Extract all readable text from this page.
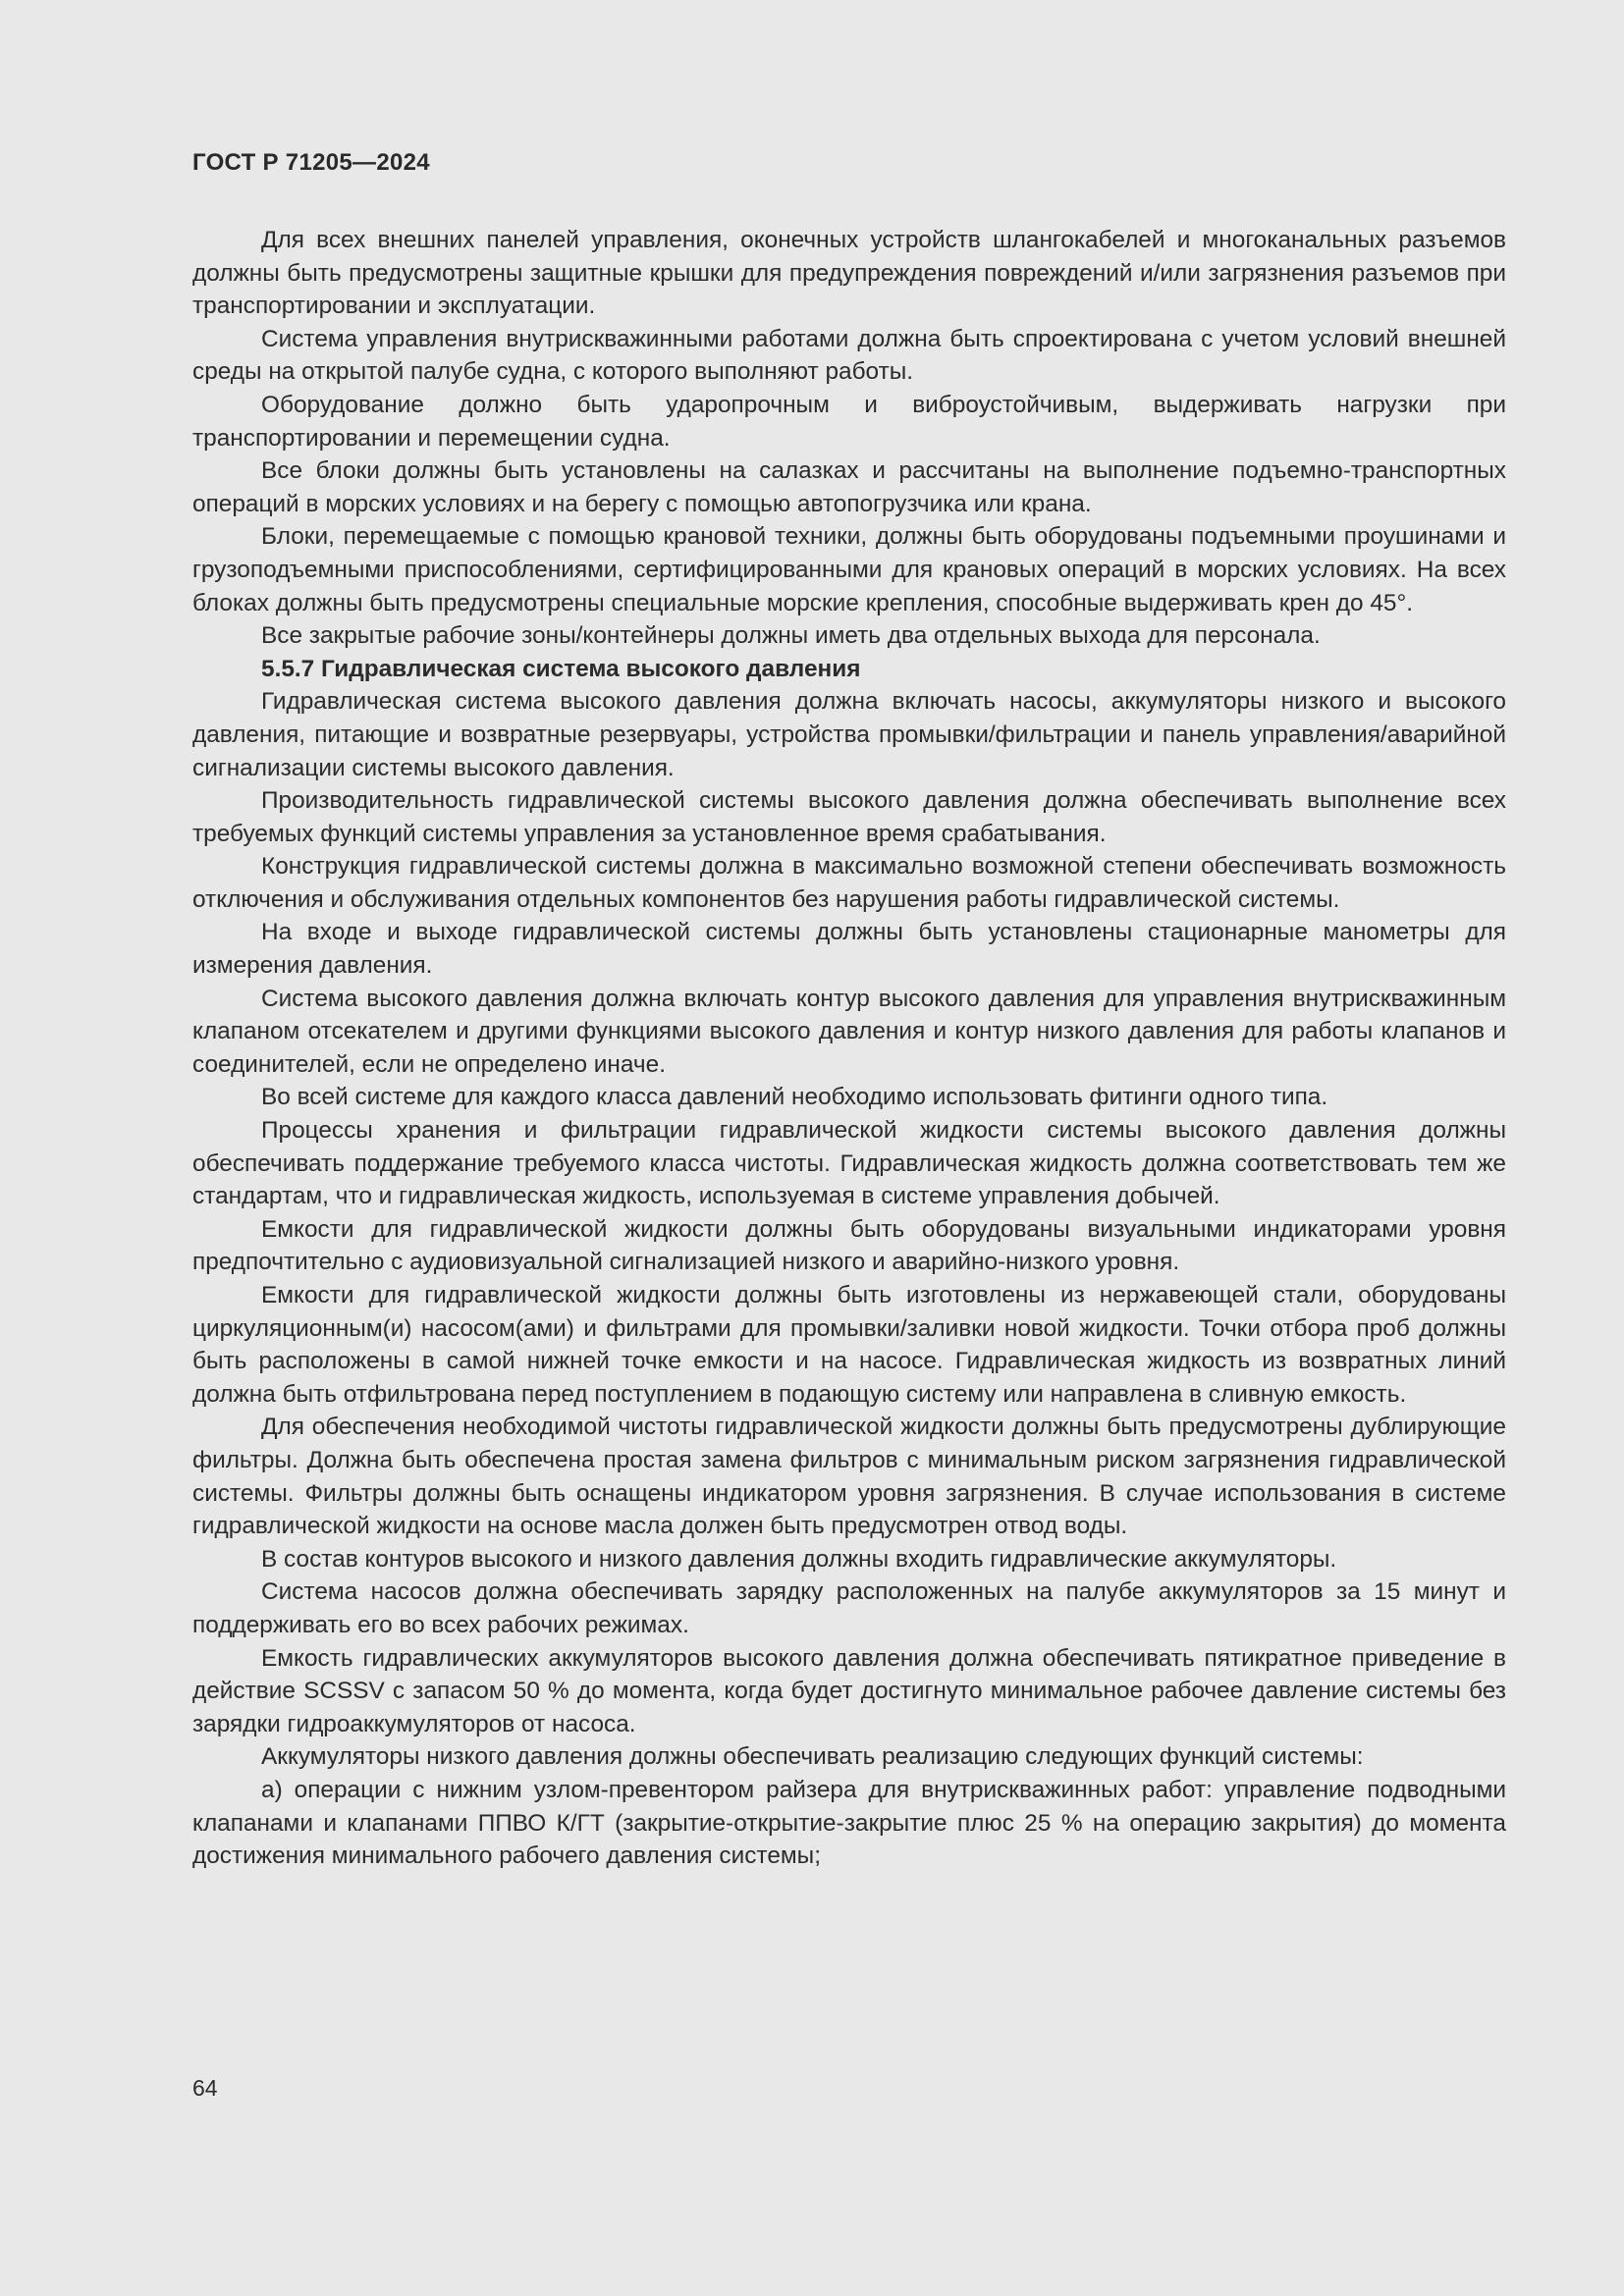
ГОСТ Р 71205—2024

Для всех внешних панелей управления, оконечных устройств шлангокабелей и многоканальных разъемов должны быть предусмотрены защитные крышки для предупреждения повреждений и/или загрязнения разъемов при транспортировании и эксплуатации.

Система управления внутрискважинными работами должна быть спроектирована с учетом условий внешней среды на открытой палубе судна, с которого выполняют работы.

Оборудование должно быть ударопрочным и виброустойчивым, выдерживать нагрузки при транспортировании и перемещении судна.

Все блоки должны быть установлены на салазках и рассчитаны на выполнение подъемно-транспортных операций в морских условиях и на берегу с помощью автопогрузчика или крана.

Блоки, перемещаемые с помощью крановой техники, должны быть оборудованы подъемными проушинами и грузоподъемными приспособлениями, сертифицированными для крановых операций в морских условиях. На всех блоках должны быть предусмотрены специальные морские крепления, способные выдерживать крен до 45°.

Все закрытые рабочие зоны/контейнеры должны иметь два отдельных выхода для персонала.

5.5.7 Гидравлическая система высокого давления

Гидравлическая система высокого давления должна включать насосы, аккумуляторы низкого и высокого давления, питающие и возвратные резервуары, устройства промывки/фильтрации и панель управления/аварийной сигнализации системы высокого давления.

Производительность гидравлической системы высокого давления должна обеспечивать выполнение всех требуемых функций системы управления за установленное время срабатывания.

Конструкция гидравлической системы должна в максимально возможной степени обеспечивать возможность отключения и обслуживания отдельных компонентов без нарушения работы гидравлической системы.

На входе и выходе гидравлической системы должны быть установлены стационарные манометры для измерения давления.

Система высокого давления должна включать контур высокого давления для управления внутрискважинным клапаном отсекателем и другими функциями высокого давления и контур низкого давления для работы клапанов и соединителей, если не определено иначе.

Во всей системе для каждого класса давлений необходимо использовать фитинги одного типа.

Процессы хранения и фильтрации гидравлической жидкости системы высокого давления должны обеспечивать поддержание требуемого класса чистоты. Гидравлическая жидкость должна соответствовать тем же стандартам, что и гидравлическая жидкость, используемая в системе управления добычей.

Емкости для гидравлической жидкости должны быть оборудованы визуальными индикаторами уровня предпочтительно с аудиовизуальной сигнализацией низкого и аварийно-низкого уровня.

Емкости для гидравлической жидкости должны быть изготовлены из нержавеющей стали, оборудованы циркуляционным(и) насосом(ами) и фильтрами для промывки/заливки новой жидкости. Точки отбора проб должны быть расположены в самой нижней точке емкости и на насосе. Гидравлическая жидкость из возвратных линий должна быть отфильтрована перед поступлением в подающую систему или направлена в сливную емкость.

Для обеспечения необходимой чистоты гидравлической жидкости должны быть предусмотрены дублирующие фильтры. Должна быть обеспечена простая замена фильтров с минимальным риском загрязнения гидравлической системы. Фильтры должны быть оснащены индикатором уровня загрязнения. В случае использования в системе гидравлической жидкости на основе масла должен быть предусмотрен отвод воды.

В состав контуров высокого и низкого давления должны входить гидравлические аккумуляторы.

Система насосов должна обеспечивать зарядку расположенных на палубе аккумуляторов за 15 минут и поддерживать его во всех рабочих режимах.

Емкость гидравлических аккумуляторов высокого давления должна обеспечивать пятикратное приведение в действие SCSSV с запасом 50 % до момента, когда будет достигнуто минимальное рабочее давление системы без зарядки гидроаккумуляторов от насоса.

Аккумуляторы низкого давления должны обеспечивать реализацию следующих функций системы:

а) операции с нижним узлом-превентором райзера для внутрискважинных работ: управление подводными клапанами и клапанами ППВО К/ГТ (закрытие-открытие-закрытие плюс 25 % на операцию закрытия) до момента достижения минимального рабочего давления системы;

64
